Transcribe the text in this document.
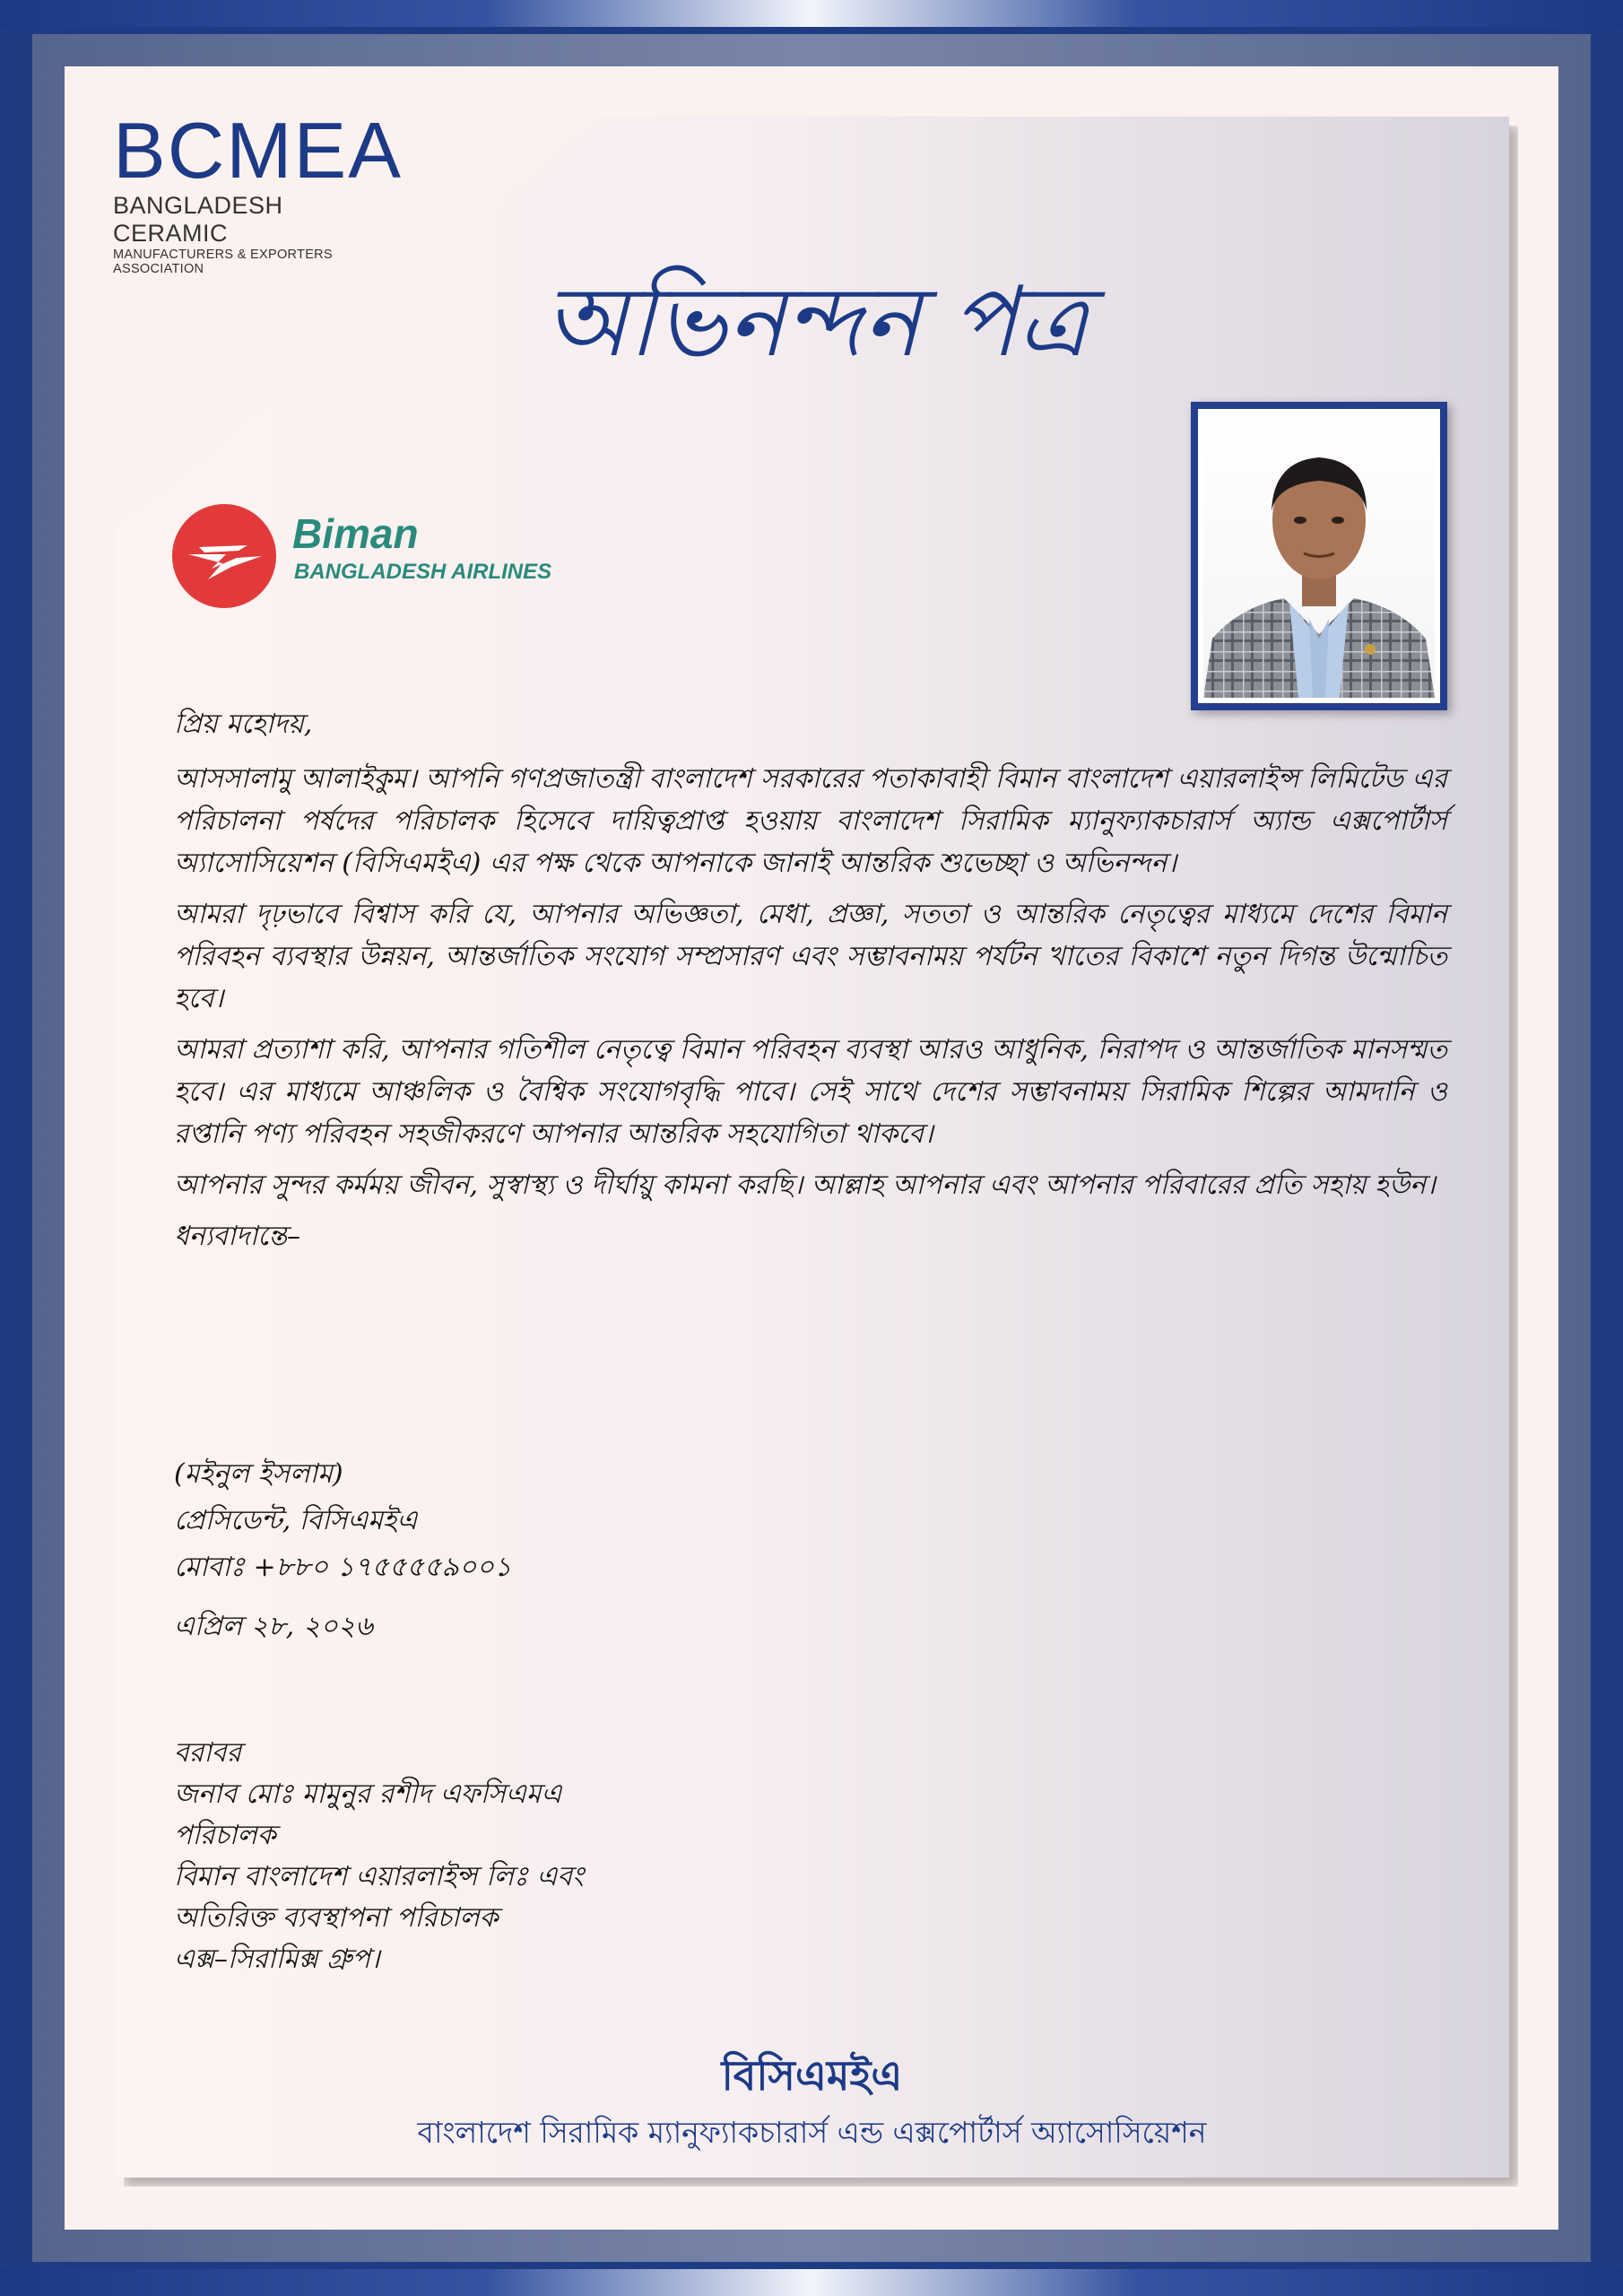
BC MEA
BANGLADESH CERAMIC
MANUFACTURERS & EXPORTERS ASSOCIATION	অভিনন্দন পত্র
Biman
BANGLADESH AIRLINES

প্রিয় মহোদয়,

আসসালামু আলাইকুম। আপনি গণপ্রজাতন্ত্রী বাংলাদেশ সরকারের পতাকাবাহী বিমান বাংলাদেশ এয়ারলাইন্স লিমিটেড এর পরিচালনা পর্ষদের পরিচালক হিসেবে দায়িত্বপ্রাপ্ত হওয়ায় বাংলাদেশ সিরামিক ম্যানুফ্যাকচারার্স অ্যান্ড এক্সপোর্টার্স অ্যাসোসিয়েশন (বিসিএমইএ) এর পক্ষ থেকে আপনাকে জানাই আন্তরিক শুভেচ্ছা ও অভিনন্দন।

আমরা দৃঢ়ভাবে বিশ্বাস করি যে, আপনার অভিজ্ঞতা, মেধা, প্রজ্ঞা, সততা ও আন্তরিক নেতৃত্বের মাধ্যমে দেশের বিমান পরিবহন ব্যবস্থার উন্নয়ন, আন্তর্জাতিক সংযোগ সম্প্রসারণ এবং সম্ভাবনাময় পর্যটন খাতের বিকাশে নতুন দিগন্ত উন্মোচিত হবে।

আমরা প্রত্যাশা করি, আপনার গতিশীল নেতৃত্বে বিমান পরিবহন ব্যবস্থা আরও আধুনিক, নিরাপদ ও আন্তর্জাতিক মানসম্মত হবে। এর মাধ্যমে আঞ্চলিক ও বৈশ্বিক সংযোগবৃদ্ধি পাবে। সেই সাথে দেশের সম্ভাবনাময় সিরামিক শিল্পের আমদানি ও রপ্তানি পণ্য পরিবহন সহজীকরণে আপনার আন্তরিক সহযোগিতা থাকবে।

আপনার সুন্দর কর্মময় জীবন, সুস্বাস্থ্য ও দীর্ঘায়ু কামনা করছি। আল্লাহ আপনার এবং আপনার পরিবারের প্রতি সহায় হউন।

ধন্যবাদান্তে–

(মইনুল ইসলাম)
প্রেসিডেন্ট, বিসিএমইএ
মোবাঃ +৮৮০ ১৭৫৫৫৫৯০০১
এপ্রিল ২৮, ২০২৬
বরাবর
জনাব মোঃ মামুনুর রশীদ এফসিএমএ
পরিচালক
বিমান বাংলাদেশ এয়ারলাইন্স লিঃ এবং
অতিরিক্ত ব্যবস্থাপনা পরিচালক
এক্স–সিরামিক্স গ্রুপ।
বিসিএমইএ
বাংলাদেশ সিরামিক ম্যানুফ্যাকচারার্স এন্ড এক্সপোর্টার্স অ্যাসোসিয়েশন
